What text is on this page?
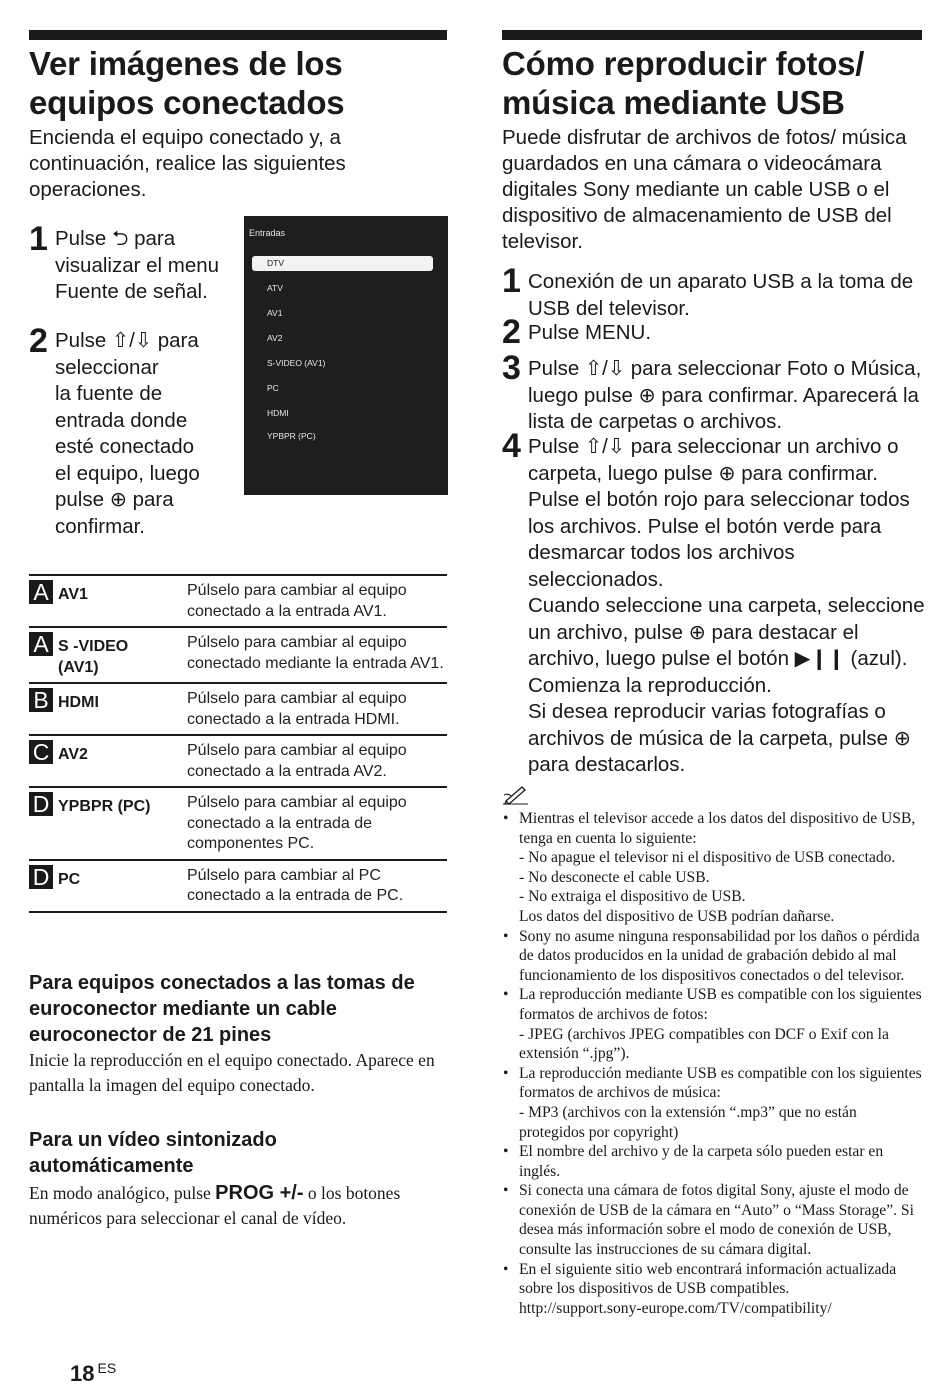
Ver imágenes de los equipos conectados

Encienda el equipo conectado y, a continuación, realice las siguientes operaciones.

1 Pulse ⮌ para
visualizar el menu
Fuente de señal.
2 Pulse ⇧/⇩ para
seleccionar
la fuente de
entrada donde
esté conectado
el equipo, luego
pulse ⊕ para
confirmar.
Entradas
DTV
ATV
AV1
AV2
S-VIDEO (AV1)
PC
HDMI
YPBPR (PC)
A AV1	Púlselo para cambiar al equipo conectado a la entrada AV1.
A S -VIDEO (AV1)	Púlselo para cambiar al equipo conectado mediante la entrada AV1.
B HDMI	Púlselo para cambiar al equipo conectado a la entrada HDMI.
C AV2	Púlselo para cambiar al equipo conectado a la entrada AV2.
D YPBPR (PC)	Púlselo para cambiar al equipo conectado a la entrada de componentes PC.
D PC	Púlselo para cambiar al PC conectado a la entrada de PC.
Para equipos conectados a las tomas de euroconector mediante un cable euroconector de 21 pines

Inicie la reproducción en el equipo conectado. Aparece en pantalla la imagen del equipo conectado.

Para un vídeo sintonizado automáticamente

En modo analógico, pulse PROG +/- o los botones numéricos para seleccionar el canal de vídeo.

Cómo reproducir fotos/ música mediante USB

Puede disfrutar de archivos de fotos/ música guardados en una cámara o videocámara digitales Sony mediante un cable USB o el dispositivo de almacenamiento de USB del televisor.

1 Conexión de un aparato USB a la toma de USB del televisor.
2 Pulse MENU.
3 Pulse ⇧/⇩ para seleccionar Foto o Música, luego pulse ⊕ para confirmar. Aparecerá la lista de carpetas o archivos.
4 Pulse ⇧/⇩ para seleccionar un archivo o carpeta, luego pulse ⊕ para confirmar. Pulse el botón rojo para seleccionar todos los archivos. Pulse el botón verde para desmarcar todos los archivos seleccionados.
Cuando seleccione una carpeta, seleccione un archivo, pulse ⊕ para destacar el archivo, luego pulse el botón ▶❙❙ (azul). Comienza la reproducción.
Si desea reproducir varias fotografías o archivos de música de la carpeta, pulse ⊕ para destacarlos.
• Mientras el televisor accede a los datos del dispositivo de USB, tenga en cuenta lo siguiente:
- No apague el televisor ni el dispositivo de USB conectado.
- No desconecte el cable USB.
- No extraiga el dispositivo de USB.
Los datos del dispositivo de USB podrían dañarse.
• Sony no asume ninguna responsabilidad por los daños o pérdida de datos producidos en la unidad de grabación debido al mal funcionamiento de los dispositivos conectados o del televisor.
• La reproducción mediante USB es compatible con los siguientes formatos de archivos de fotos:
- JPEG (archivos JPEG compatibles con DCF o Exif con la extensión “.jpg”).
• La reproducción mediante USB es compatible con los siguientes formatos de archivos de música:
- MP3 (archivos con la extensión “.mp3” que no están protegidos por copyright)
• El nombre del archivo y de la carpeta sólo pueden estar en inglés.
• Si conecta una cámara de fotos digital Sony, ajuste el modo de conexión de USB de la cámara en “Auto” o “Mass Storage”. Si desea más información sobre el modo de conexión de USB, consulte las instrucciones de su cámara digital.
• En el siguiente sitio web encontrará información actualizada sobre los dispositivos de USB compatibles.
http://support.sony-europe.com/TV/compatibility/
18 $^{ES}$
